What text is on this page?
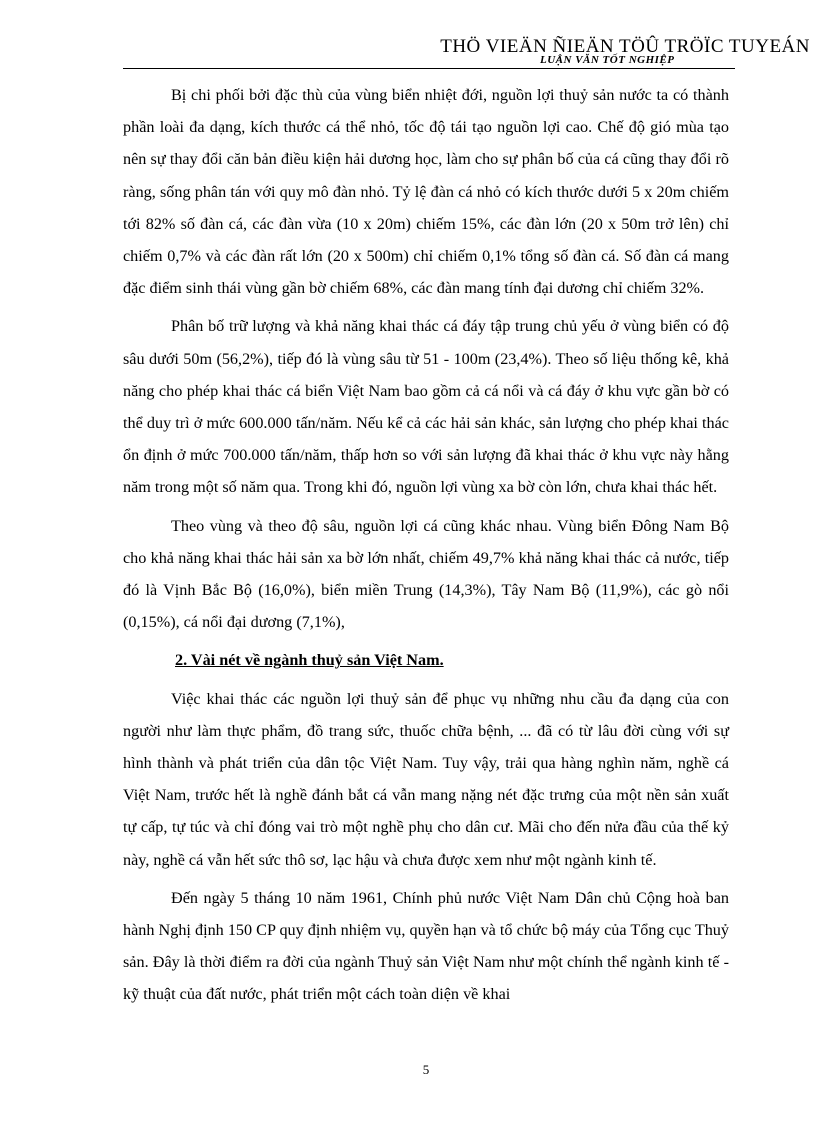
THÖ VIEÄN ÑIEÄN TÖÛ TRÖÏC TUYEÁN
LUẬN VĂN TỐT NGHIỆP

Bị chi phối bởi đặc thù của vùng biển nhiệt đới, nguồn lợi thuỷ sản nước ta có thành phần loài đa dạng, kích thước cá thể nhỏ, tốc độ tái tạo nguồn lợi cao. Chế độ gió mùa tạo nên sự thay đổi căn bản điều kiện hải dương học, làm cho sự phân bố của cá cũng thay đổi rõ ràng, sống phân tán với quy mô đàn nhỏ. Tỷ lệ đàn cá nhỏ có kích thước dưới 5 x 20m chiếm tới 82% số đàn cá, các đàn vừa (10 x 20m) chiếm 15%, các đàn lớn (20 x 50m trở lên) chỉ chiếm 0,7% và các đàn rất lớn (20 x 500m) chỉ chiếm 0,1% tổng số đàn cá. Số đàn cá mang đặc điểm sinh thái vùng gần bờ chiếm 68%, các đàn mang tính đại dương chỉ chiếm 32%.

Phân bố trữ lượng và khả năng khai thác cá đáy tập trung chủ yếu ở vùng biển có độ sâu dưới 50m (56,2%), tiếp đó là vùng sâu từ 51 - 100m (23,4%). Theo số liệu thống kê, khả năng cho phép khai thác cá biển Việt Nam bao gồm cả cá nổi và cá đáy ở khu vực gần bờ có thể duy trì ở mức 600.000 tấn/năm. Nếu kể cả các hải sản khác, sản lượng cho phép khai thác ổn định ở mức 700.000 tấn/năm, thấp hơn so với sản lượng đã khai thác ở khu vực này hằng năm trong một số năm qua. Trong khi đó, nguồn lợi vùng xa bờ còn lớn, chưa khai thác hết.

Theo vùng và theo độ sâu, nguồn lợi cá cũng khác nhau. Vùng biển Đông Nam Bộ cho khả năng khai thác hải sản xa bờ lớn nhất, chiếm 49,7% khả năng khai thác cả nước, tiếp đó là Vịnh Bắc Bộ (16,0%), biển miền Trung (14,3%), Tây Nam Bộ (11,9%), các gò nổi (0,15%), cá nổi đại dương (7,1%),

2. Vài nét về ngành thuỷ sản Việt Nam.

Việc khai thác các nguồn lợi thuỷ sản để phục vụ những nhu cầu đa dạng của con người như làm thực phẩm, đồ trang sức, thuốc chữa bệnh, ... đã có từ lâu đời cùng với sự hình thành và phát triển của dân tộc Việt Nam. Tuy vậy, trải qua hàng nghìn năm, nghề cá Việt Nam, trước hết là nghề đánh bắt cá vẫn mang nặng nét đặc trưng của một nền sản xuất tự cấp, tự túc và chỉ đóng vai trò một nghề phụ cho dân cư. Mãi cho đến nửa đầu của thế kỷ này, nghề cá vẫn hết sức thô sơ, lạc hậu và chưa được xem như một ngành kinh tế.

Đến ngày 5 tháng 10 năm 1961, Chính phủ nước Việt Nam Dân chủ Cộng hoà ban hành Nghị định 150 CP quy định nhiệm vụ, quyền hạn và tổ chức bộ máy của Tổng cục Thuỷ sản. Đây là thời điểm ra đời của ngành Thuỷ sản Việt Nam như một chính thể ngành kinh tế - kỹ thuật của đất nước, phát triển một cách toàn diện về khai

5
